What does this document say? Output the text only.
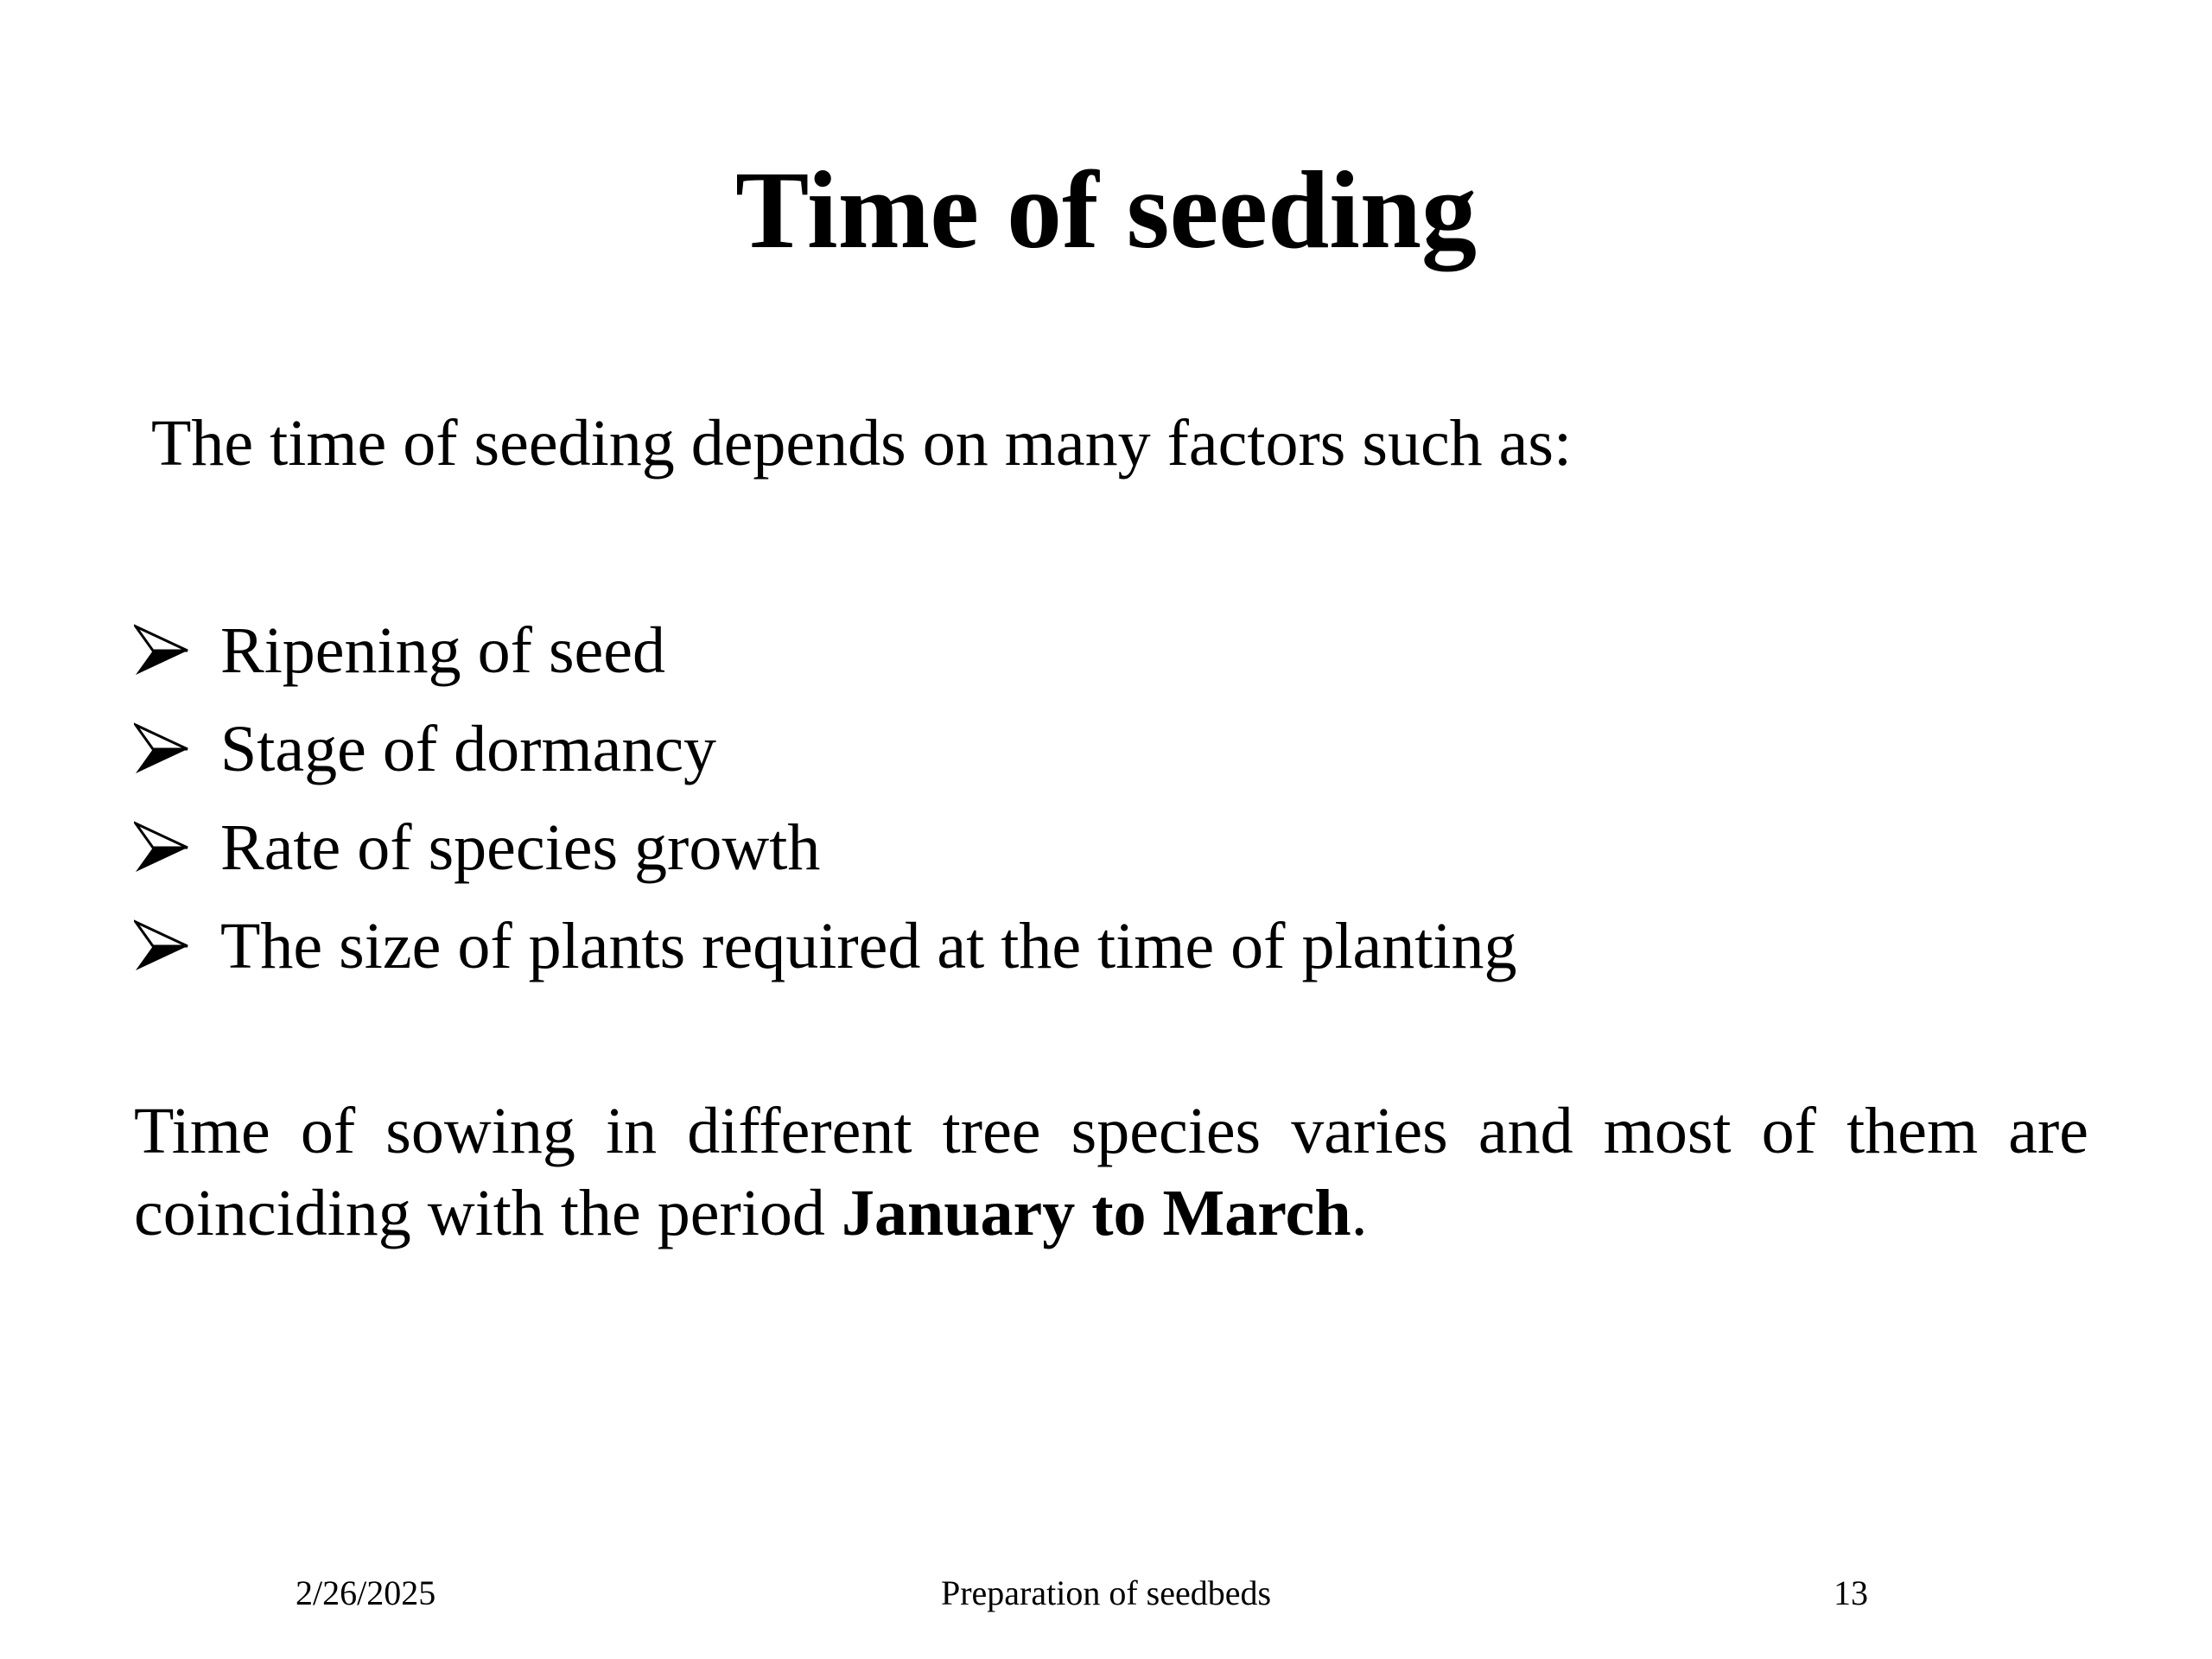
Time of seeding

The time of seeding depends on many factors such as:

Ripening of seed
Stage of dormancy
Rate of species growth
The size of plants required at the time of planting

Time of sowing in different tree species varies and most of them are coinciding with the period January to March.

2/26/2025	Preparation of seedbeds	13
